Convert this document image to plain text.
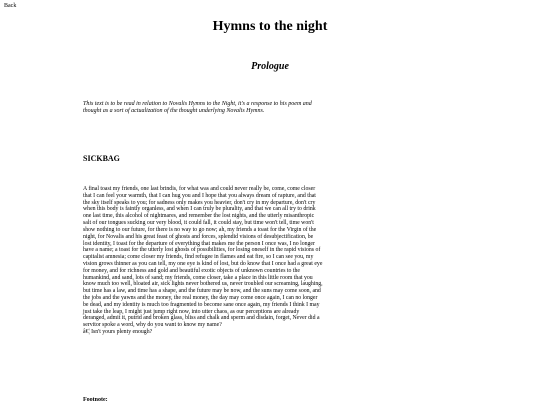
Back
Hymns to the night
Prologue

This text is to be read in relation to Novalis Hymns to the Night, it's a response to his poem and thought as a sort of actualization of the thought underlying Novalis Hymns.

SICKBAG
A final toast my friends, one last brindis, for what was and could never really be, come, come closer that I can feel your warmth, that I can hug you and I hope that you always dream of rapture, and that the sky itself speaks to you; for sadness only makes you heavier, don't cry in my departure, don't cry when this body is faintly organless, and when I can truly be plurality, and that we can all try to drink one last time, this alcohol of nightmares, and remember the lost nights, and the utterly misanthropic salt of our tongues sucking our very blood, it could fall, it could stay, but time won't tell, time won't show nothing to our future, for there is no way to go now; ah, my friends a toast for the Virgin of the night, for Novalis and his great feast of ghosts and forces, splendid visions of desubjectification, be lost identity, I toast for the departure of everything that makes me the person I once was, I no longer have a name; a toast for the utterly lost ghosts of possibilities, for losing oneself in the rapid visions of capitalist amnesia; come closer my friends, find refugee in flames and eat fire, so I can see you, my vision grows thinner as you can tell, my one eye is kind of lost, but do know that I once had a great eye for money, and for richness and gold and beautiful exotic objects of unknown countries to the humankind, and sand, lots of sand; my friends, come closer, take a place in this little room that you know much too well, bloated air, sick lights never bothered us, never troubled our screaming, laughing, but time has a law, and time has a shape, and the future may be now, and the suns may come soon, and the jobs and the yawns and the money, the real money, the day may come once again, I can no longer be dead, and my identity is much too fragmented to become sane once again, my friends I think I may just take the leap, I might just jump right now, into utter chaos, as our perceptions are already deranged, admit it, putrid and broken glass, bliss and chalk and sperm and disdain, forget, Never did a servitor spoke a word, why do you want to know my name?
â€¦ Isn't yours plenty enough?
Footnote:
